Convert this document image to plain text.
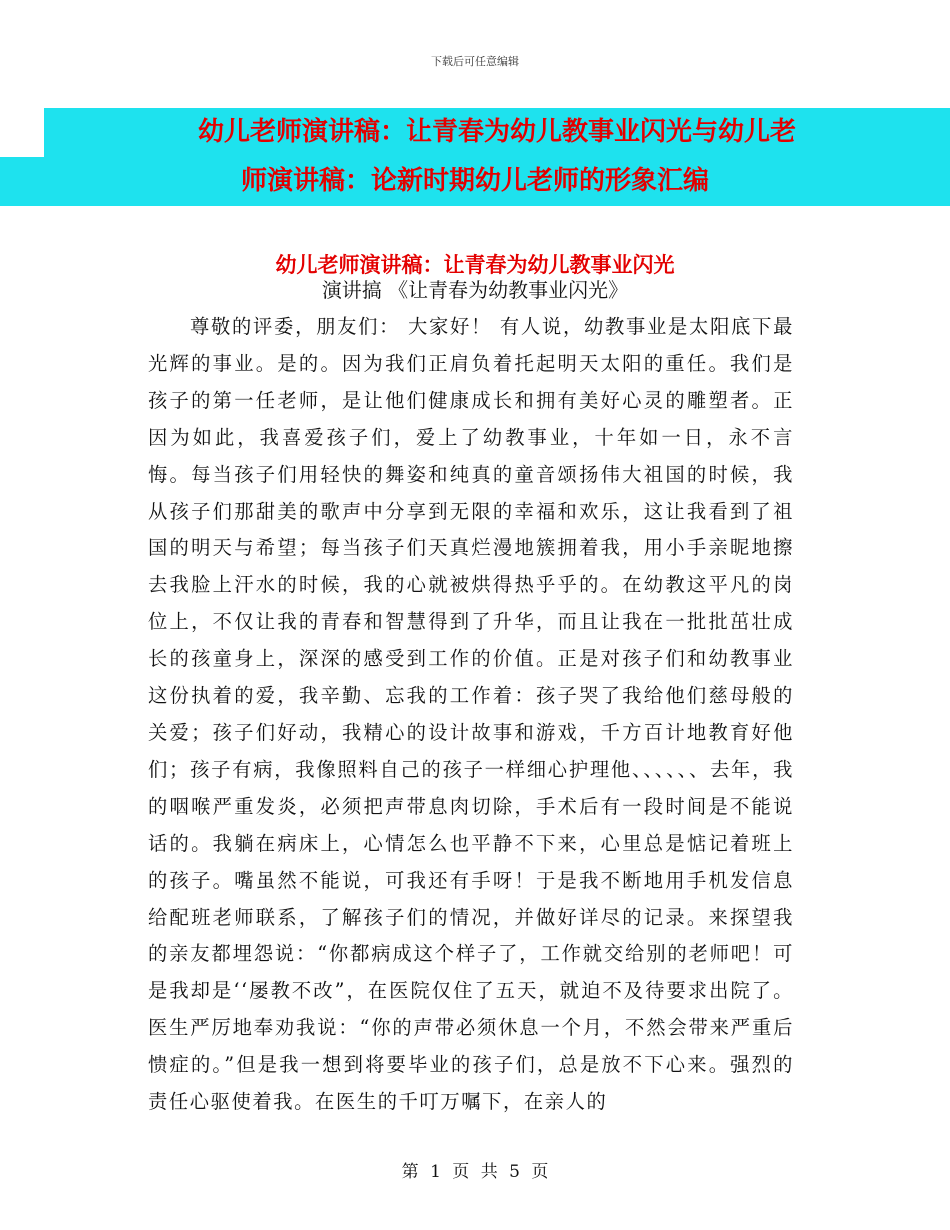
下载后可任意编辑
幼儿老师演讲稿：让青春为幼儿教事业闪光与幼儿老
师演讲稿：论新时期幼儿老师的形象汇编
幼儿老师演讲稿：让青春为幼儿教事业闪光
演讲搞 《让青春为幼教事业闪光》

尊敬的评委，朋友们： 大家好！ 有人说，幼教事业是太阳底下最光辉的事业。是的。因为我们正肩负着托起明天太阳的重任。我们是孩子的第一任老师，是让他们健康成长和拥有美好心灵的雕塑者。正因为如此，我喜爱孩子们，爱上了幼教事业，十年如一日，永不言悔。每当孩子们用轻快的舞姿和纯真的童音颂扬伟大祖国的时候，我从孩子们那甜美的歌声中分享到无限的幸福和欢乐，这让我看到了祖国的明天与希望；每当孩子们天真烂漫地簇拥着我，用小手亲昵地擦去我脸上汗水的时候，我的心就被烘得热乎乎的。在幼教这平凡的岗位上，不仅让我的青春和智慧得到了升华，而且让我在一批批茁壮成长的孩童身上，深深的感受到工作的价值。正是对孩子们和幼教事业这份执着的爱，我辛勤、忘我的工作着：孩子哭了我给他们慈母般的关爱；孩子们好动，我精心的设计故事和游戏，千方百计地教育好他们；孩子有病，我像照料自己的孩子一样细心护理他、、、、、、去年，我的咽喉严重发炎，必须把声带息肉切除，手术后有一段时间是不能说话的。我躺在病床上，心情怎么也平静不下来，心里总是惦记着班上的孩子。嘴虽然不能说，可我还有手呀！于是我不断地用手机发信息给配班老师联系，了解孩子们的情况，并做好详尽的记录。来探望我的亲友都埋怨说：“你都病成这个样子了，工作就交给别的老师吧！可是我却是‘‘屡教不改”，在医院仅住了五天，就迫不及待要求出院了。医生严厉地奉劝我说：“你的声带必须休息一个月，不然会带来严重后愦症的。”但是我一想到将要毕业的孩子们，总是放不下心来。强烈的责任心驱使着我。在医生的千叮万嘱下，在亲人的

第 1 页 共 5 页
